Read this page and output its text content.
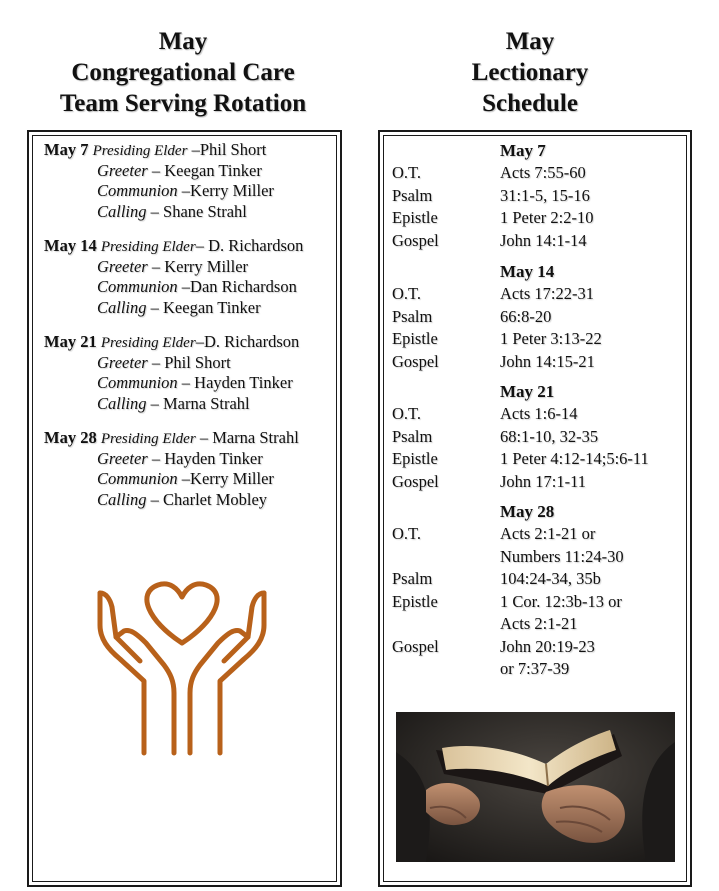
May
Congregational Care
Team Serving Rotation
May
Lectionary
Schedule
May 7 Presiding Elder –Phil Short
Greeter – Keegan Tinker
Communion –Kerry Miller
Calling – Shane Strahl
May 14 Presiding Elder– D. Richardson
Greeter – Kerry Miller
Communion –Dan Richardson
Calling – Keegan Tinker
May 21 Presiding Elder–D. Richardson
Greeter – Phil Short
Communion – Hayden Tinker
Calling – Marna Strahl
May 28 Presiding Elder – Marna Strahl
Greeter – Hayden Tinker
Communion –Kerry Miller
Calling – Charlet Mobley
May 7
O.T.	Acts 7:55-60
Psalm	31:1-5, 15-16
Epistle	1 Peter 2:2-10
Gospel	John 14:1-14
May 14
O.T.	Acts 17:22-31
Psalm	66:8-20
Epistle	1 Peter 3:13-22
Gospel	John 14:15-21
May 21
O.T.	Acts 1:6-14
Psalm	68:1-10, 32-35
Epistle	1 Peter 4:12-14;5:6-11
Gospel	John 17:1-11
May 28
O.T.	Acts 2:1-21 or
Numbers 11:24-30
Psalm	104:24-34, 35b
Epistle	1 Cor. 12:3b-13 or
Acts 2:1-21
Gospel	John 20:19-23
or 7:37-39
